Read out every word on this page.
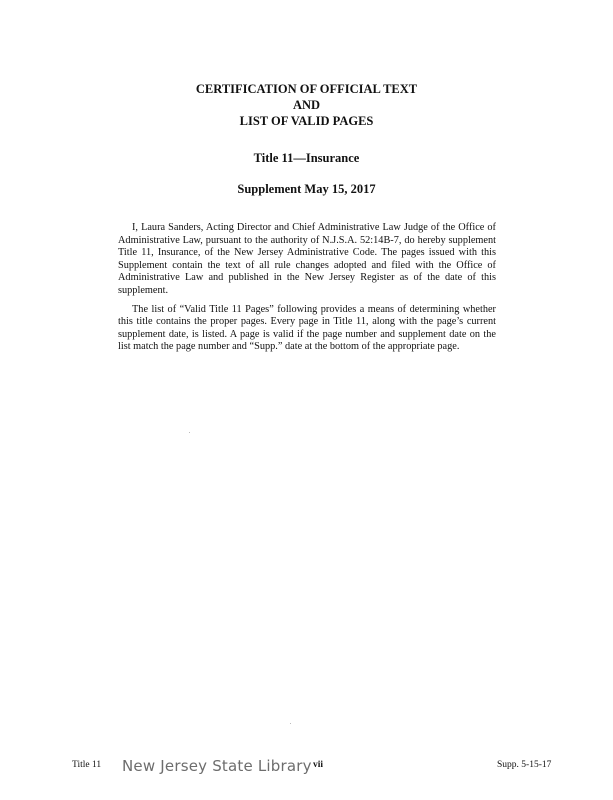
CERTIFICATION OF OFFICIAL TEXT
AND
LIST OF VALID PAGES
Title 11—Insurance
Supplement May 15, 2017

I, Laura Sanders, Acting Director and Chief Administrative Law Judge of the Office of Administrative Law, pursuant to the authority of N.J.S.A. 52:14B-7, do hereby supplement Title 11, Insurance, of the New Jersey Administrative Code. The pages issued with this Supplement contain the text of all rule changes adopted and filed with the Office of Administrative Law and published in the New Jersey Register as of the date of this supplement.

The list of “Valid Title 11 Pages” following provides a means of determining whether this title contains the proper pages. Every page in Title 11, along with the page’s current supplement date, is listed. A page is valid if the page number and supplement date on the list match the page number and “Supp.” date at the bottom of the appropriate page.

Title 11 New Jersey State Library vii	Supp. 5-15-17
